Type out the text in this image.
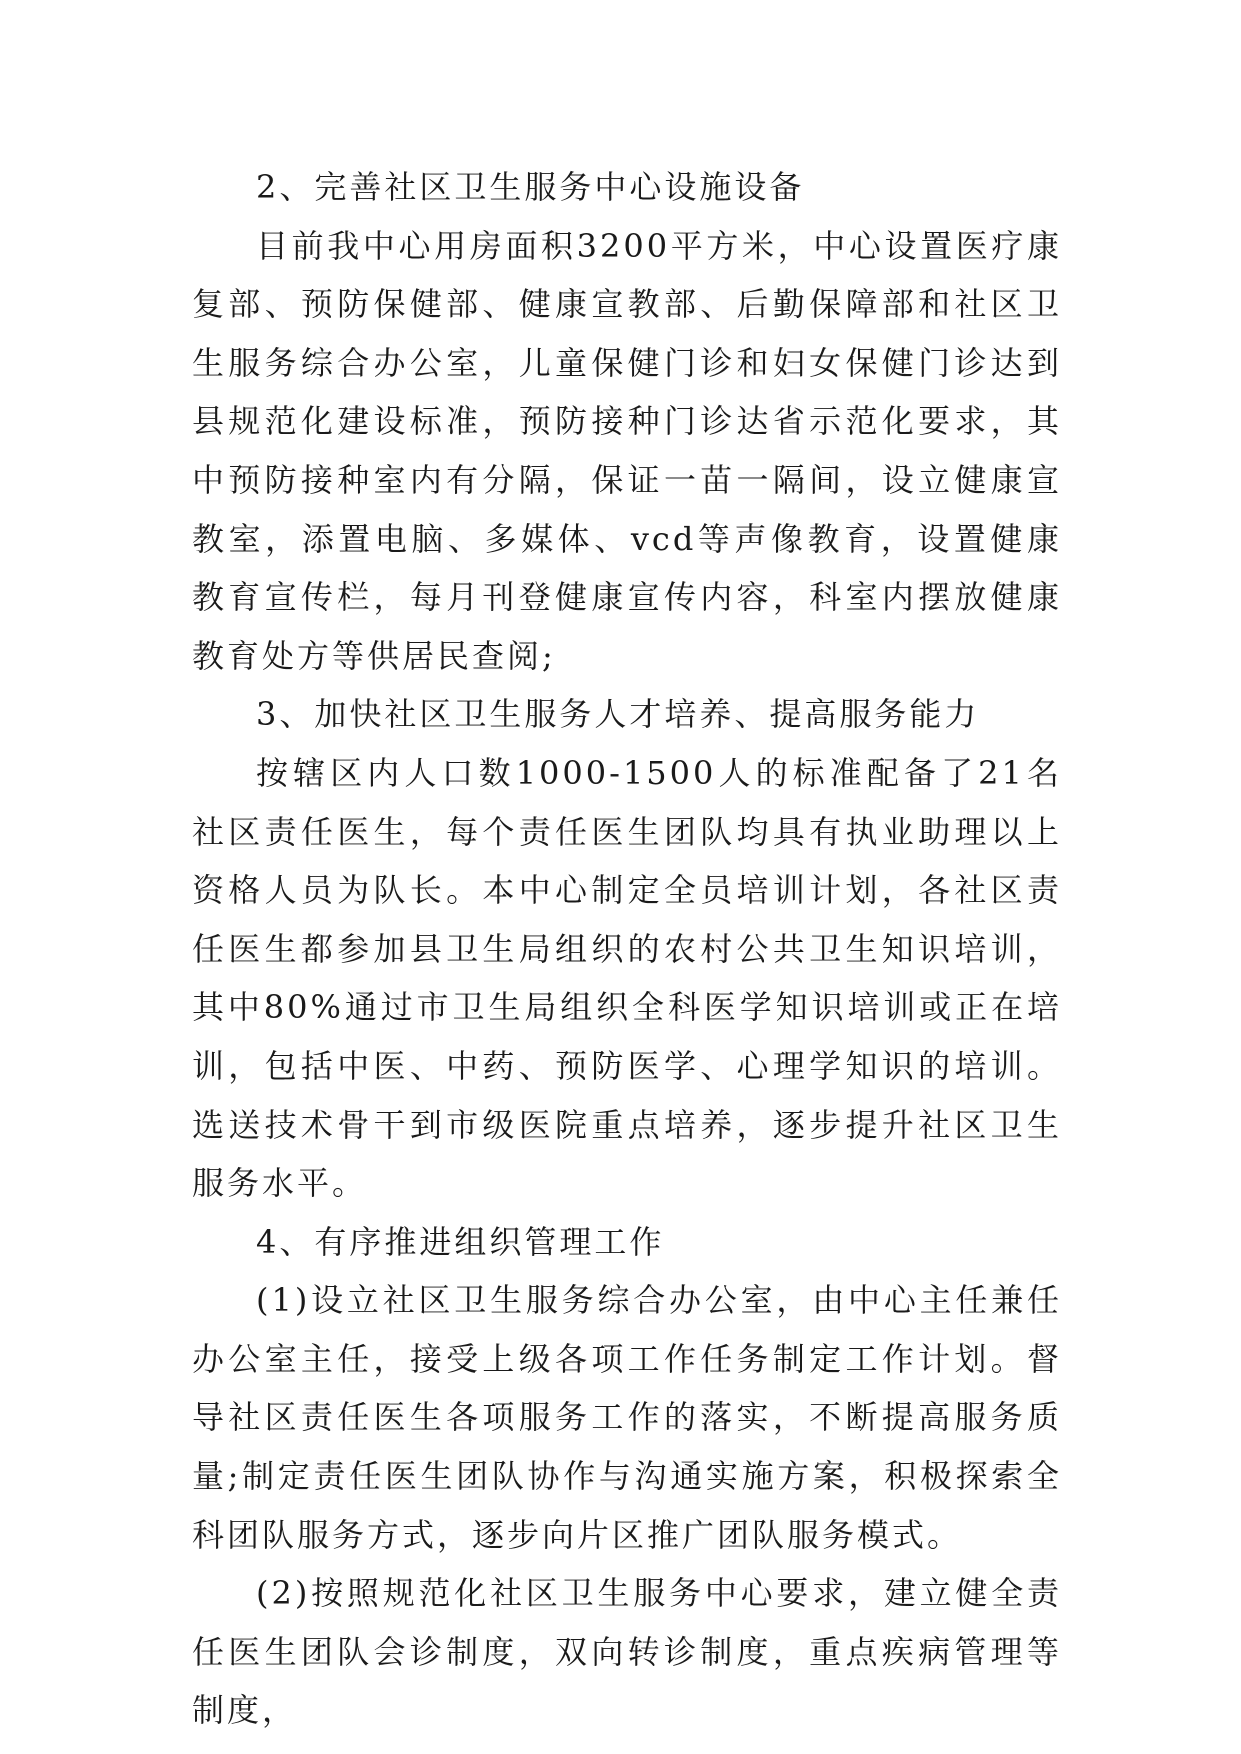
2、完善社区卫生服务中心设施设备

目前我中心用房面积3200平方米，中心设置医疗康复部、预防保健部、健康宣教部、后勤保障部和社区卫生服务综合办公室，儿童保健门诊和妇女保健门诊达到县规范化建设标准，预防接种门诊达省示范化要求，其中预防接种室内有分隔，保证一苗一隔间，设立健康宣教室，添置电脑、多媒体、vcd等声像教育，设置健康教育宣传栏，每月刊登健康宣传内容，科室内摆放健康教育处方等供居民查阅;

3、加快社区卫生服务人才培养、提高服务能力

按辖区内人口数1000-1500人的标准配备了21名社区责任医生，每个责任医生团队均具有执业助理以上资格人员为队长。本中心制定全员培训计划，各社区责任医生都参加县卫生局组织的农村公共卫生知识培训，其中80%通过市卫生局组织全科医学知识培训或正在培训，包括中医、中药、预防医学、心理学知识的培训。选送技术骨干到市级医院重点培养，逐步提升社区卫生服务水平。

4、有序推进组织管理工作

(1)设立社区卫生服务综合办公室，由中心主任兼任办公室主任，接受上级各项工作任务制定工作计划。督导社区责任医生各项服务工作的落实，不断提高服务质量;制定责任医生团队协作与沟通实施方案，积极探索全科团队服务方式，逐步向片区推广团队服务模式。

(2)按照规范化社区卫生服务中心要求，建立健全责任医生团队会诊制度，双向转诊制度，重点疾病管理等制度，
